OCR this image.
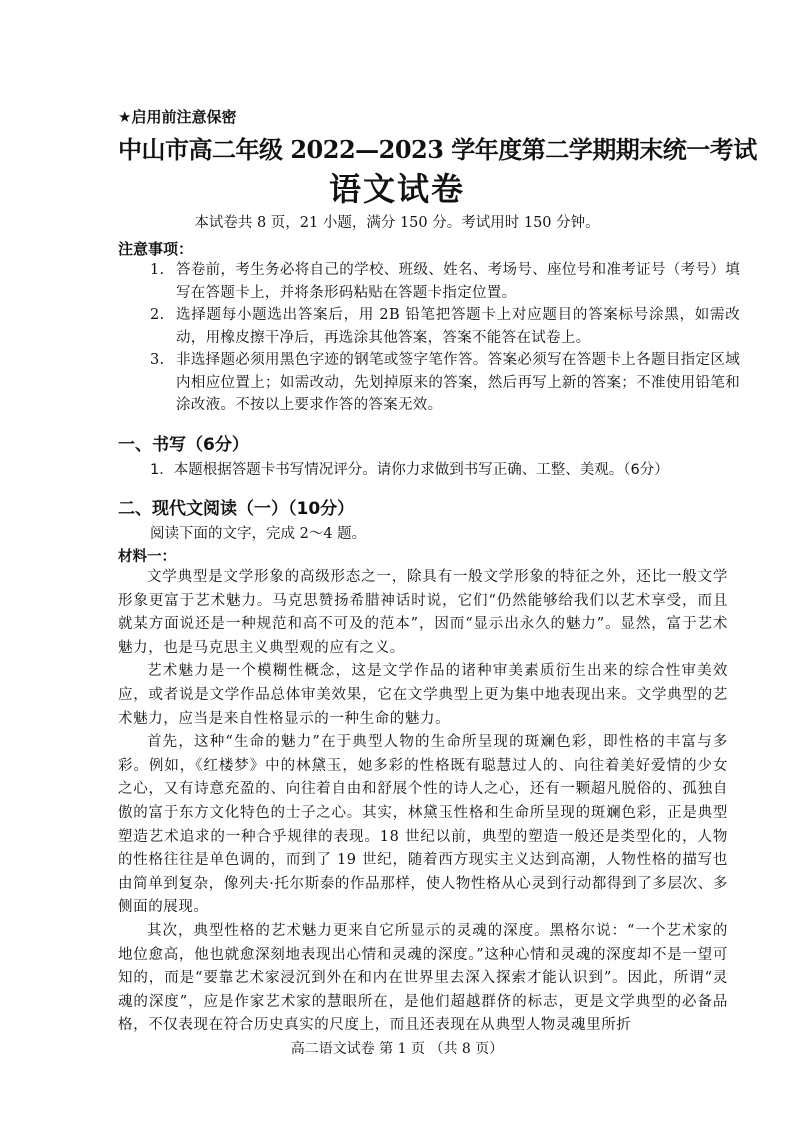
★启用前注意保密
中山市高二年级 2022—2023 学年度第二学期期末统一考试
语文试卷
本试卷共 8 页，21 小题，满分 150 分。考试用时 150 分钟。
注意事项：
1. 答卷前，考生务必将自己的学校、班级、姓名、考场号、座位号和准考证号（考号）填写在答题卡上，并将条形码粘贴在答题卡指定位置。
2. 选择题每小题选出答案后，用 2B 铅笔把答题卡上对应题目的答案标号涂黑，如需改动，用橡皮擦干净后，再选涂其他答案，答案不能答在试卷上。
3. 非选择题必须用黑色字迹的钢笔或签字笔作答。答案必须写在答题卡上各题目指定区域内相应位置上；如需改动，先划掉原来的答案，然后再写上新的答案；不准使用铅笔和涂改液。不按以上要求作答的答案无效。
一、书写（6分）
1．本题根据答题卡书写情况评分。请你力求做到书写正确、工整、美观。（6分）
二、现代文阅读（一）（10分）
阅读下面的文字，完成 2～4 题。
材料一：

文学典型是文学形象的高级形态之一，除具有一般文学形象的特征之外，还比一般文学形象更富于艺术魅力。马克思赞扬希腊神话时说，它们“仍然能够给我们以艺术享受，而且就某方面说还是一种规范和高不可及的范本”，因而“显示出永久的魅力”。显然，富于艺术魅力，也是马克思主义典型观的应有之义。

艺术魅力是一个模糊性概念，这是文学作品的诸种审美素质衍生出来的综合性审美效应，或者说是文学作品总体审美效果，它在文学典型上更为集中地表现出来。文学典型的艺术魅力，应当是来自性格显示的一种生命的魅力。

首先，这种“生命的魅力”在于典型人物的生命所呈现的斑斓色彩，即性格的丰富与多彩。例如，《红楼梦》中的林黛玉，她多彩的性格既有聪慧过人的、向往着美好爱情的少女之心，又有诗意充盈的、向往着自由和舒展个性的诗人之心，还有一颗超凡脱俗的、孤独自傲的富于东方文化特色的士子之心。其实，林黛玉性格和生命所呈现的斑斓色彩，正是典型塑造艺术追求的一种合乎规律的表现。18 世纪以前，典型的塑造一般还是类型化的，人物的性格往往是单色调的，而到了 19 世纪，随着西方现实主义达到高潮，人物性格的描写也由简单到复杂，像列夫·托尔斯泰的作品那样，使人物性格从心灵到行动都得到了多层次、多侧面的展现。

其次，典型性格的艺术魅力更来自它所显示的灵魂的深度。黑格尔说：“一个艺术家的地位愈高，他也就愈深刻地表现出心情和灵魂的深度。”这种心情和灵魂的深度却不是一望可知的，而是“要靠艺术家浸沉到外在和内在世界里去深入探索才能认识到”。因此，所谓“灵魂的深度”，应是作家艺术家的慧眼所在，是他们超越群侪的标志，更是文学典型的必备品格，不仅表现在符合历史真实的尺度上，而且还表现在从典型人物灵魂里所折

高二语文试卷 第 1 页 （共 8 页）
